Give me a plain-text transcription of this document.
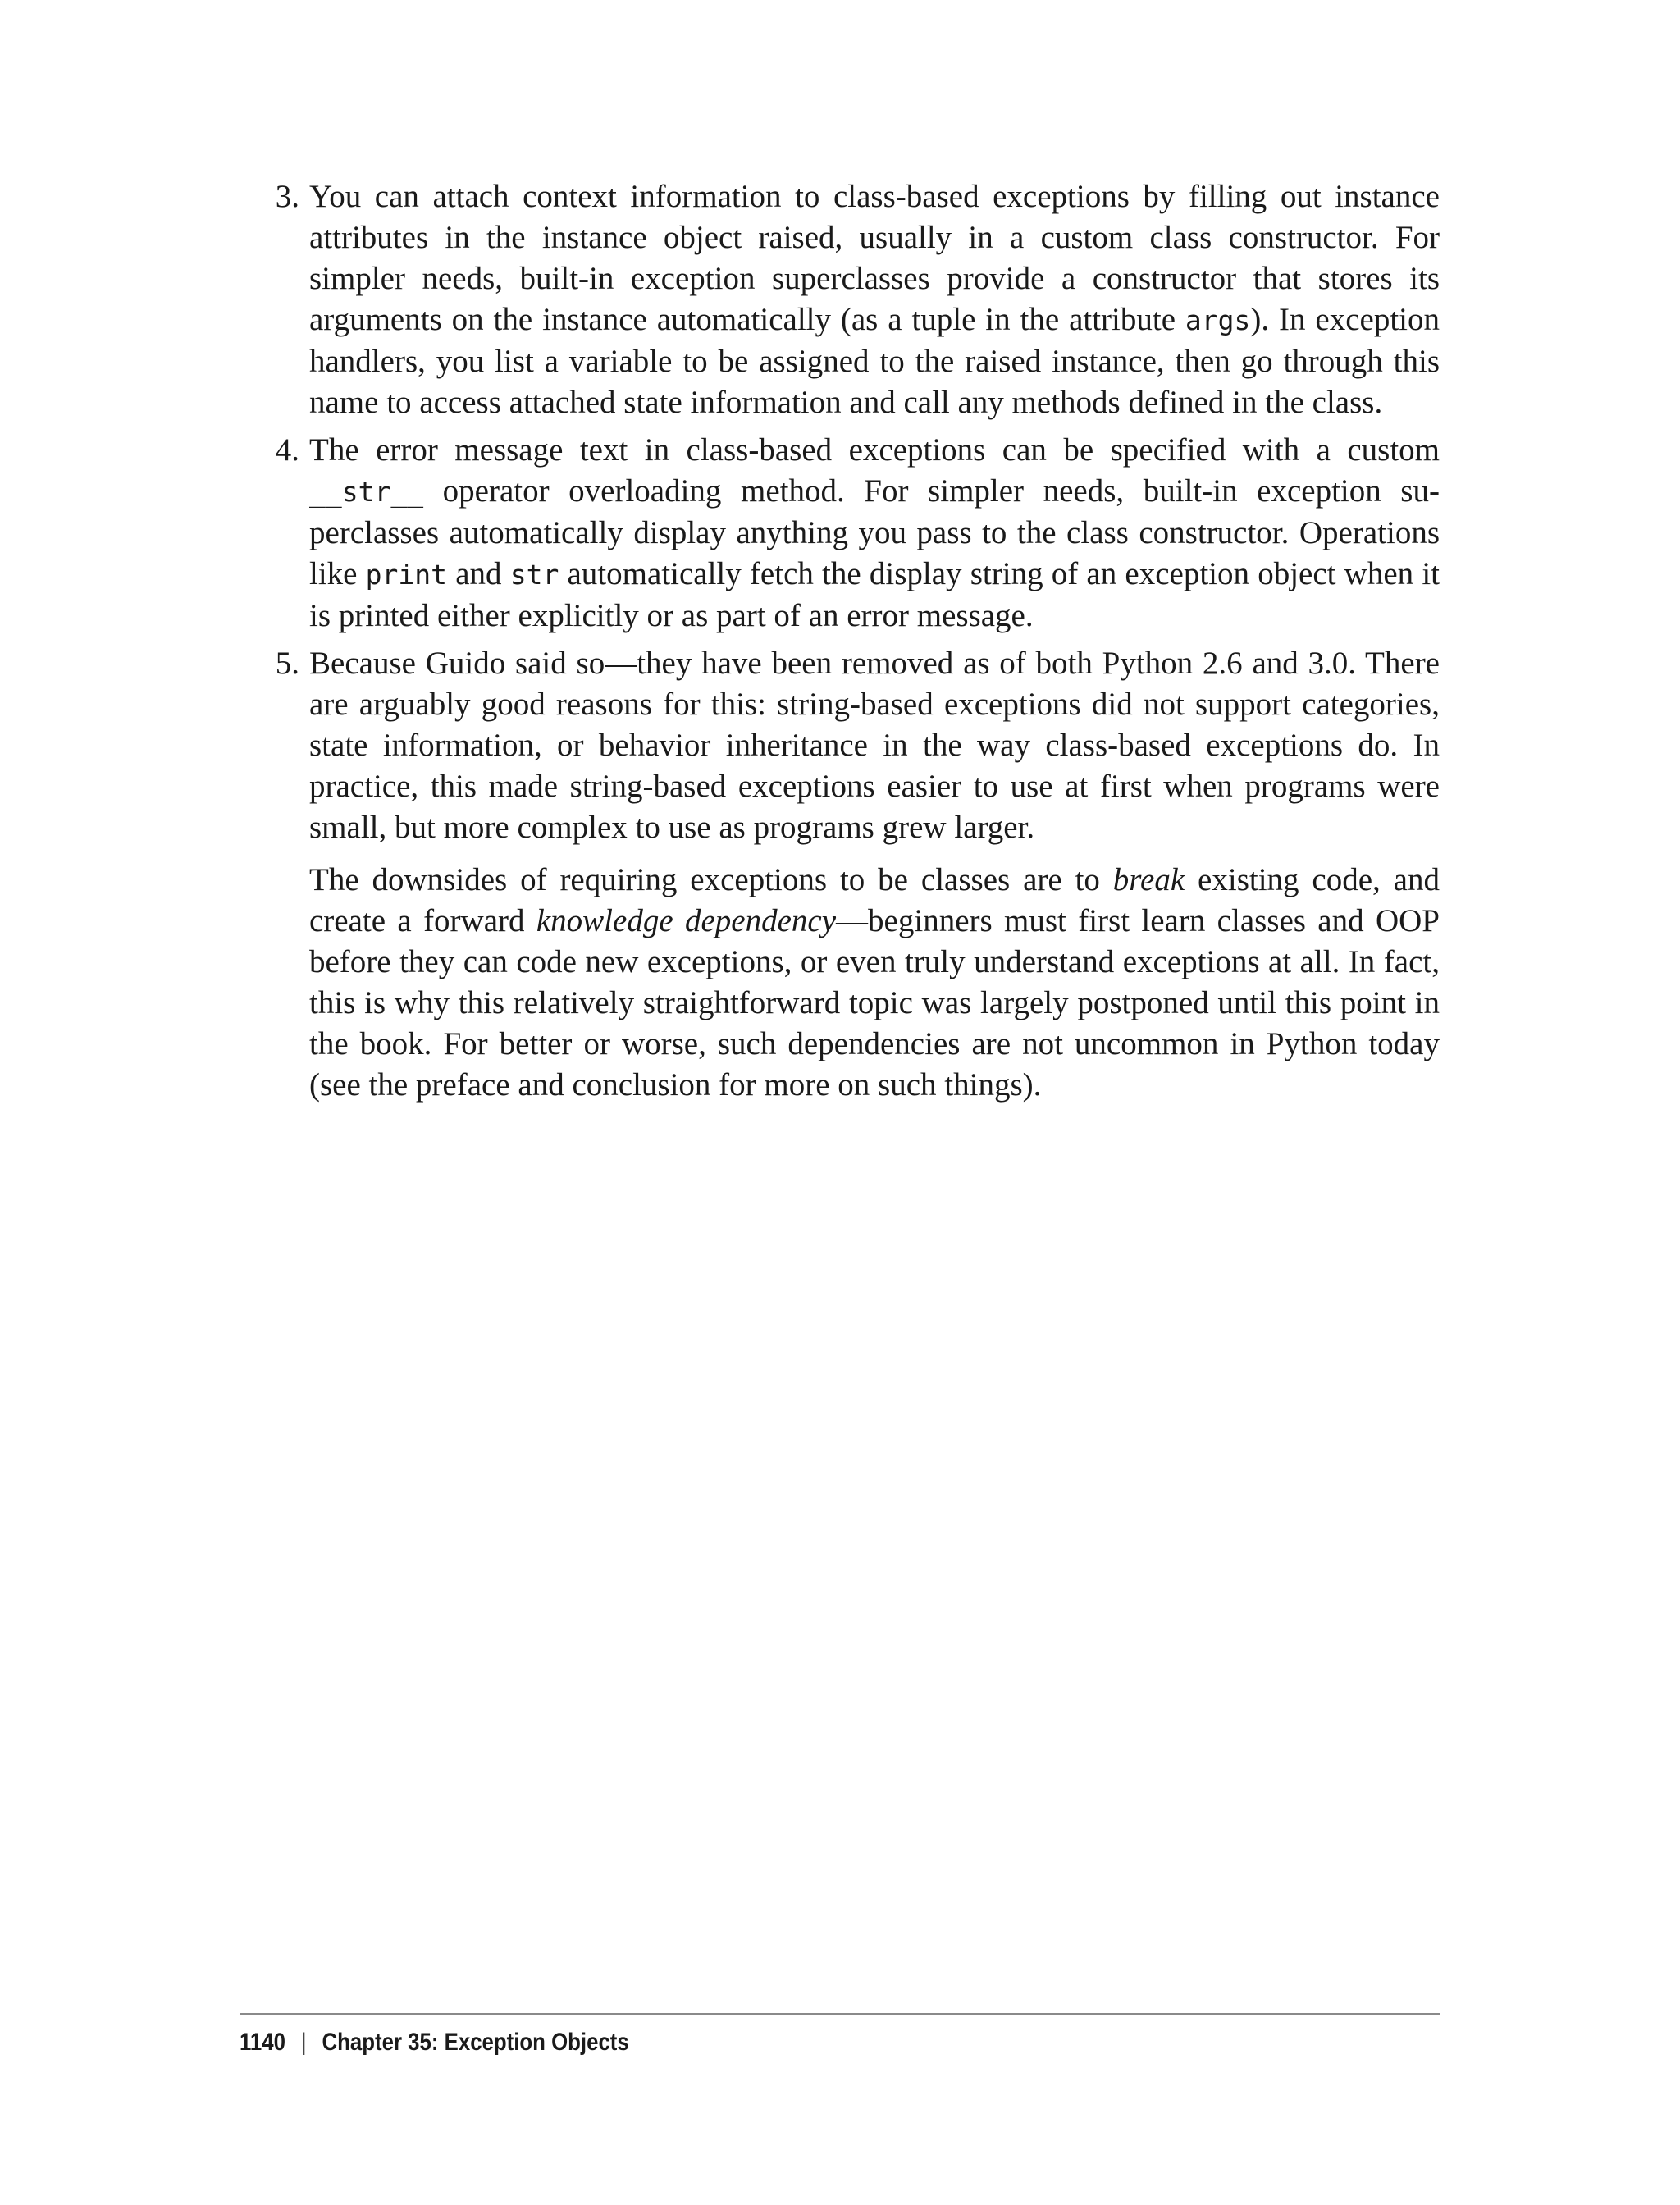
3. You can attach context information to class-based exceptions by filling out instance attributes in the instance object raised, usually in a custom class constructor. For simpler needs, built-in exception superclasses provide a constructor that stores its arguments on the instance automatically (as a tuple in the attribute args). In exception handlers, you list a variable to be assigned to the raised instance, then go through this name to access attached state information and call any methods defined in the class.

4. The error message text in class-based exceptions can be specified with a custom __str__ operator overloading method. For simpler needs, built-in exception superclasses automatically display anything you pass to the class constructor. Operations like print and str automatically fetch the display string of an exception object when it is printed either explicitly or as part of an error message.

5. Because Guido said so—they have been removed as of both Python 2.6 and 3.0. There are arguably good reasons for this: string-based exceptions did not support categories, state information, or behavior inheritance in the way class-based exceptions do. In practice, this made string-based exceptions easier to use at first when programs were small, but more complex to use as programs grew larger.

The downsides of requiring exceptions to be classes are to break existing code, and create a forward knowledge dependency—beginners must first learn classes and OOP before they can code new exceptions, or even truly understand exceptions at all. In fact, this is why this relatively straightforward topic was largely postponed until this point in the book. For better or worse, such dependencies are not uncommon in Python today (see the preface and conclusion for more on such things).

1140 | Chapter 35: Exception Objects
